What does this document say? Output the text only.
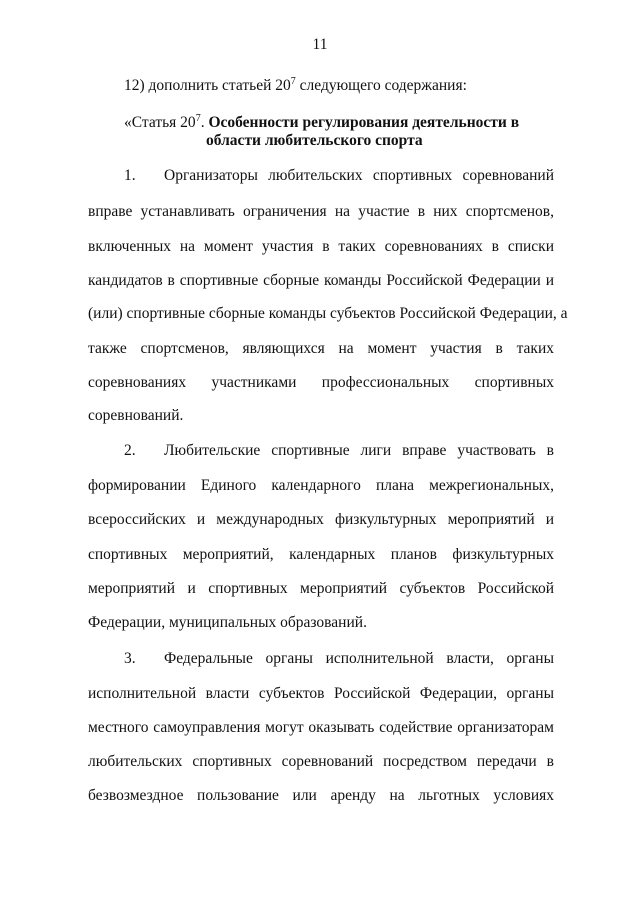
11
12) дополнить статьей $20^7$ следующего содержания:
«Статья $20^7$. Особенности регулирования деятельности в
области любительского спорта
1. Организаторы любительских спортивных соревнований
вправе устанавливать ограничения на участие в них спортсменов,
включенных на момент участия в таких соревнованиях в списки
кандидатов в спортивные сборные команды Российской Федерации и
(или) спортивные сборные команды субъектов Российской Федерации, а
также спортсменов, являющихся на момент участия в таких
соревнованиях участниками профессиональных спортивных
соревнований.
2. Любительские спортивные лиги вправе участвовать в
формировании Единого календарного плана межрегиональных,
всероссийских и международных физкультурных мероприятий и
спортивных мероприятий, календарных планов физкультурных
мероприятий и спортивных мероприятий субъектов Российской
Федерации, муниципальных образований.
3. Федеральные органы исполнительной власти, органы
исполнительной власти субъектов Российской Федерации, органы
местного самоуправления могут оказывать содействие организаторам
любительских спортивных соревнований посредством передачи в
безвозмездное пользование или аренду на льготных условиях
